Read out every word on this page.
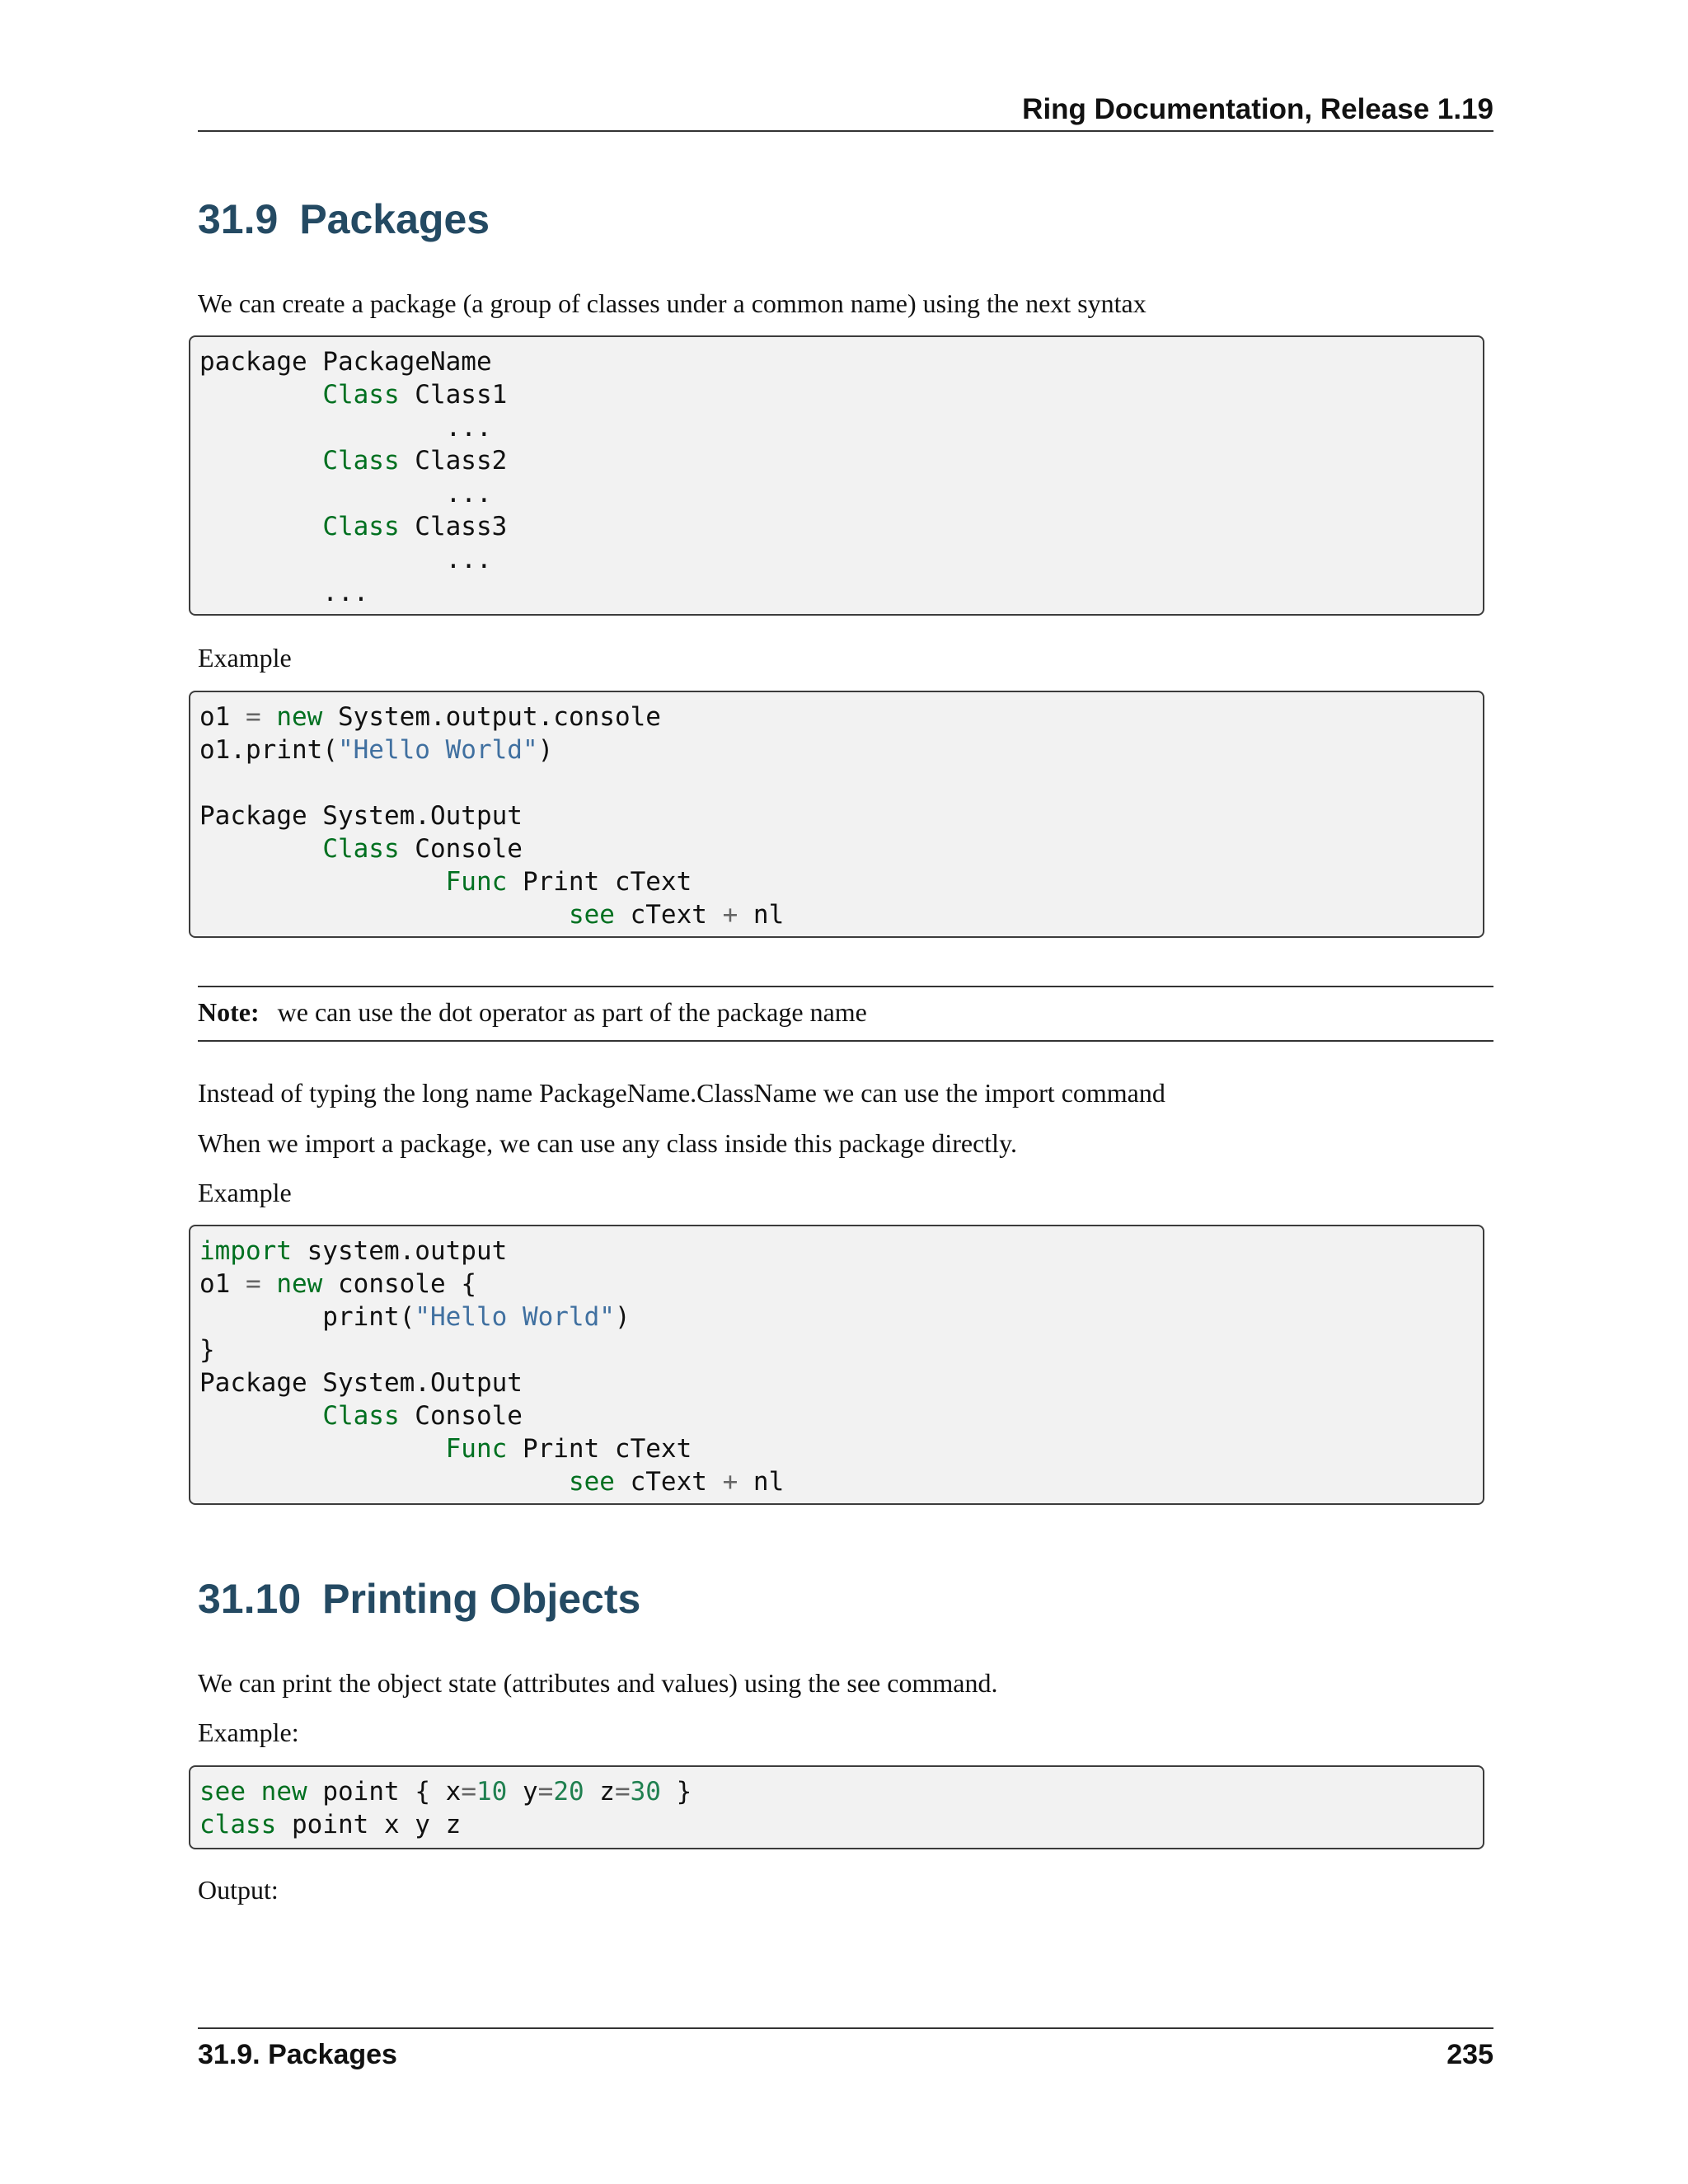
Ring Documentation, Release 1.19
31.9 Packages

We can create a package (a group of classes under a common name) using the next syntax

package PackageName
Class Class1
...
Class Class2
...
Class Class3
...
...

Example

o1 = new System.output.console
o1.print("Hello World")
Package System.Output
Class Console
Func Print cText
see cText + nl
Note: we can use the dot operator as part of the package name

Instead of typing the long name PackageName.ClassName we can use the import command

When we import a package, we can use any class inside this package directly.

Example

import system.output
o1 = new console {
print("Hello World")
}
Package System.Output
Class Console
Func Print cText
see cText + nl
31.10 Printing Objects

We can print the object state (attributes and values) using the see command.

Example:

see new point { x=10 y=20 z=30 }
class point x y z

Output:

31.9. Packages	235
